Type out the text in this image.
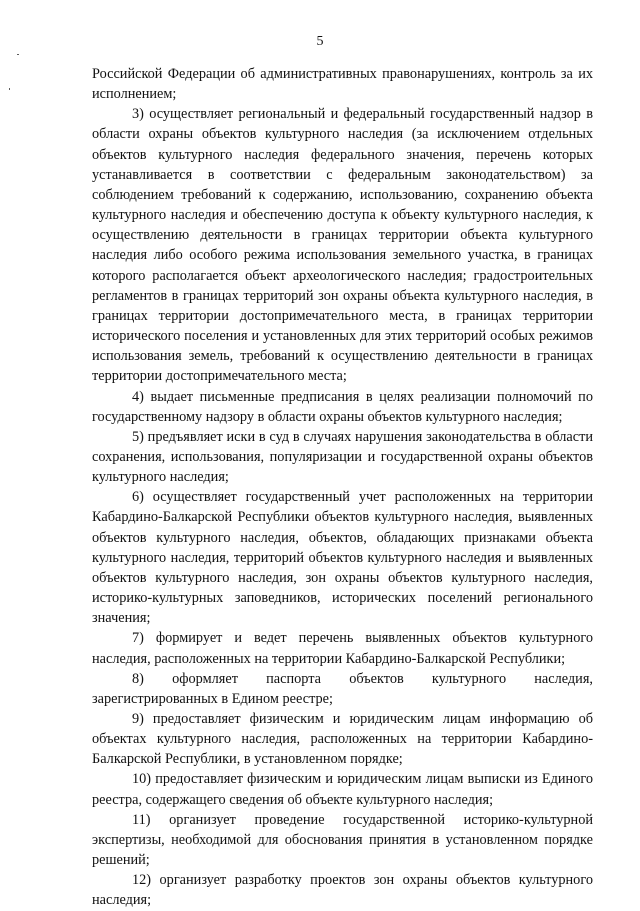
5

Российской Федерации об административных правонарушениях, контроль за их исполнением;

3) осуществляет региональный и федеральный государственный надзор в области охраны объектов культурного наследия (за исключением отдельных объектов культурного наследия федерального значения, перечень которых устанавливается в соответствии с федеральным законодательством) за соблюдением требований к содержанию, использованию, сохранению объекта культурного наследия и обеспечению доступа к объекту культурного наследия, к осуществлению деятельности в границах территории объекта культурного наследия либо особого режима использования земельного участка, в границах которого располагается объект археологического наследия; градостроительных регламентов в границах территорий зон охраны объекта культурного наследия, в границах территории достопримечательного места, в границах территории исторического поселения и установленных для этих территорий особых режимов использования земель, требований к осуществлению деятельности в границах территории достопримечательного места;

4) выдает письменные предписания в целях реализации полномочий по государственному надзору в области охраны объектов культурного наследия;

5) предъявляет иски в суд в случаях нарушения законодательства в области сохранения, использования, популяризации и государственной охраны объектов культурного наследия;

6) осуществляет государственный учет расположенных на территории Кабардино-Балкарской Республики объектов культурного наследия, выявленных объектов культурного наследия, объектов, обладающих признаками объекта культурного наследия, территорий объектов культурного наследия и выявленных объектов культурного наследия, зон охраны объектов культурного наследия, историко-культурных заповедников, исторических поселений регионального значения;

7) формирует и ведет перечень выявленных объектов культурного наследия, расположенных на территории Кабардино-Балкарской Республики;

8) оформляет паспорта объектов культурного наследия, зарегистрированных в Едином реестре;

9) предоставляет физическим и юридическим лицам информацию об объектах культурного наследия, расположенных на территории Кабардино-Балкарской Республики, в установленном порядке;

10) предоставляет физическим и юридическим лицам выписки из Единого реестра, содержащего сведения об объекте культурного наследия;

11) организует проведение государственной историко-культурной экспертизы, необходимой для обоснования принятия в установленном порядке решений;

12) организует разработку проектов зон охраны объектов культурного наследия;
